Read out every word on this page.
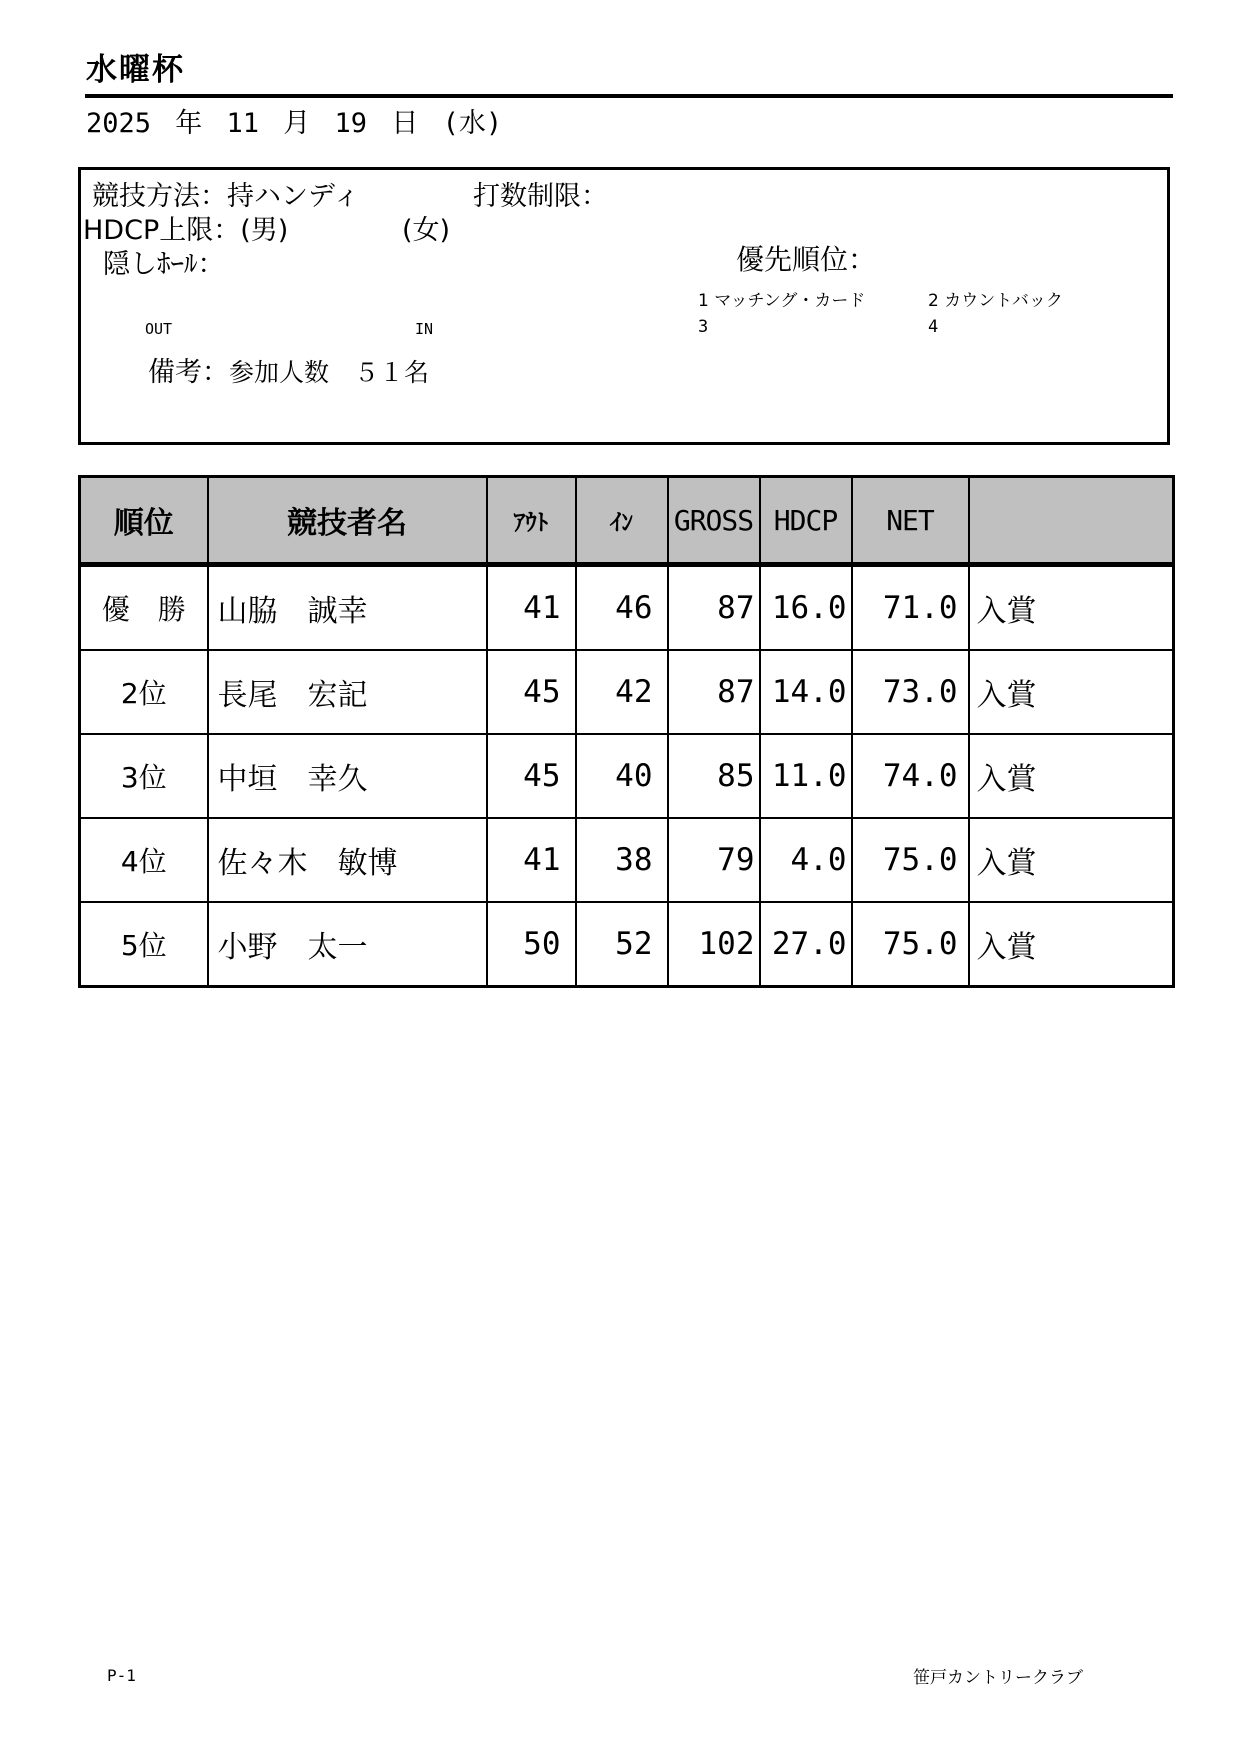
水曜杯
2025 年 11 月 19 日 (水)
競技方法：持ハンディ	打数制限：
HDCP上限：(男)	(女)
隠しﾎｰﾙ：	優先順位：
1 マッチング・カード	2 カウントバック
OUT	IN	3	4
備考：参加人数　５１名
順位	競技者名	ｱｳﾄ	ｲﾝ	GROSS	HDCP	NET	
優　勝	山脇　誠幸	41	46	87	16.0	71.0	入賞
2位	長尾　宏記	45	42	87	14.0	73.0	入賞
3位	中垣　幸久	45	40	85	11.0	74.0	入賞
4位	佐々木　敏博	41	38	79	4.0	75.0	入賞
5位	小野　太一	50	52	102	27.0	75.0	入賞
P-1	笹戸カントリークラブ
